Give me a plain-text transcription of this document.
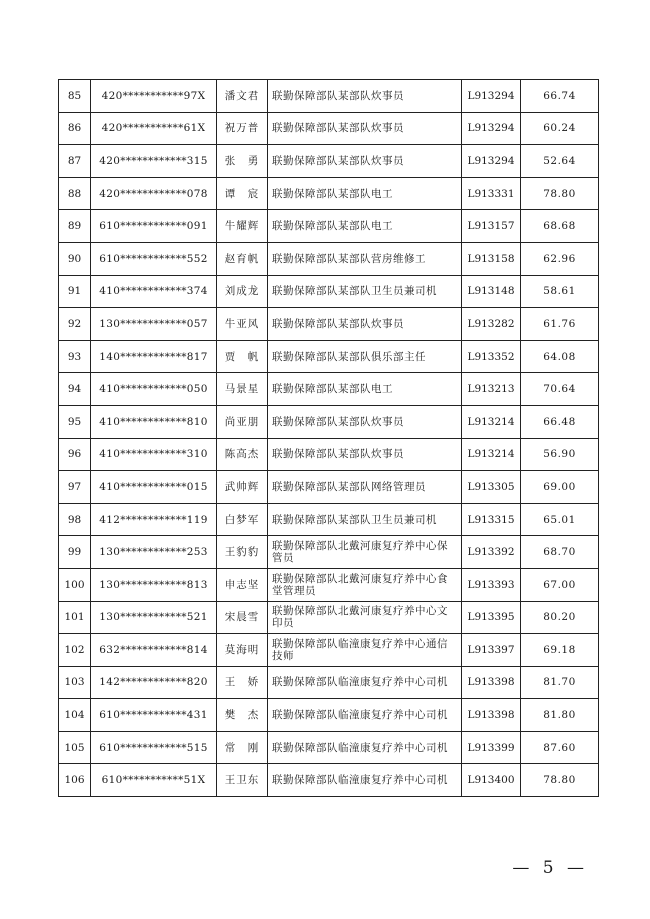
85	420***********97X	潘文君	联勤保障部队某部队炊事员	L913294	66.74
86	420***********61X	祝万普	联勤保障部队某部队炊事员	L913294	60.24
87	420************315	张　勇	联勤保障部队某部队炊事员	L913294	52.64
88	420************078	谭　宸	联勤保障部队某部队电工	L913331	78.80
89	610************091	牛耀辉	联勤保障部队某部队电工	L913157	68.68
90	610************552	赵育帆	联勤保障部队某部队营房维修工	L913158	62.96
91	410************374	刘成龙	联勤保障部队某部队卫生员兼司机	L913148	58.61
92	130************057	牛亚风	联勤保障部队某部队炊事员	L913282	61.76
93	140************817	贾　帆	联勤保障部队某部队俱乐部主任	L913352	64.08
94	410************050	马景星	联勤保障部队某部队电工	L913213	70.64
95	410************810	尚亚朋	联勤保障部队某部队炊事员	L913214	66.48
96	410************310	陈高杰	联勤保障部队某部队炊事员	L913214	56.90
97	410************015	武帅辉	联勤保障部队某部队网络管理员	L913305	69.00
98	412************119	白梦军	联勤保障部队某部队卫生员兼司机	L913315	65.01
99	130************253	王豹豹	联勤保障部队北戴河康复疗养中心保管员	L913392	68.70
100	130************813	申志坚	联勤保障部队北戴河康复疗养中心食堂管理员	L913393	67.00
101	130************521	宋晨雪	联勤保障部队北戴河康复疗养中心文印员	L913395	80.20
102	632************814	莫海明	联勤保障部队临潼康复疗养中心通信技师	L913397	69.18
103	142************820	王　娇	联勤保障部队临潼康复疗养中心司机	L913398	81.70
104	610************431	樊　杰	联勤保障部队临潼康复疗养中心司机	L913398	81.80
105	610************515	常　刚	联勤保障部队临潼康复疗养中心司机	L913399	87.60
106	610***********51X	王卫东	联勤保障部队临潼康复疗养中心司机	L913400	78.80
— 5 —
